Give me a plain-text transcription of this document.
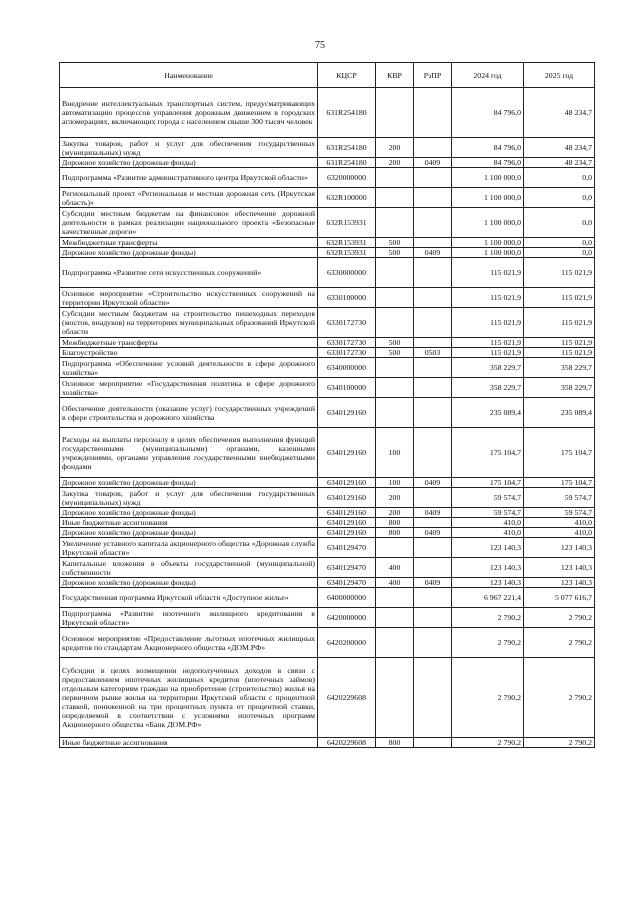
75
Наименование	КЦСР	КВР	РзПР	2024 год	2025 год
Внедрение интеллектуальных транспортных систем, предусматривающих автоматизацию процессов управления дорожным движением в городских агломерациях, включающих города с населением свыше 300 тысяч человек	631R254180			84 796,0	48 234,7
Закупка товаров, работ и услуг для обеспечения государственных (муниципальных) нужд	631R254180	200		84 796,0	48 234,7
Дорожное хозяйство (дорожные фонды)	631R254180	200	0409	84 796,0	48 234,7
Подпрограмма «Развитие административного центра Иркутской области»	6320000000			1 100 000,0	0,0
Региональный проект «Региональная и местная дорожная сеть (Иркутская область)»	632R100000			1 100 000,0	0,0
Субсидии местным бюджетам на финансовое обеспечение дорожной деятельности в рамках реализации национального проекта «Безопасные качественные дороги»	632R153931			1 100 000,0	0,0
Межбюджетные трансферты	632R153931	500		1 100 000,0	0,0
Дорожное хозяйство (дорожные фонды)	632R153931	500	0409	1 100 000,0	0,0
Подпрограмма «Развитие сети искусственных сооружений»	6330000000			115 021,9	115 021,9
Основное мероприятие «Строительство искусственных сооружений на территории Иркутской области»	6330100000			115 021,9	115 021,9
Субсидии местным бюджетам на строительство пешеходных переходов (мостов, виадуков) на территориях муниципальных образований Иркутской области	6330172730			115 021,9	115 021,9
Межбюджетные трансферты	6330172730	500		115 021,9	115 021,9
Благоустройство	6330172730	500	0503	115 021,9	115 021,9
Подпрограмма «Обеспечение условий деятельности в сфере дорожного хозяйства»	6340000000			358 229,7	358 229,7
Основное мероприятие «Государственная политика в сфере дорожного хозяйства»	6340100000			358 229,7	358 229,7
Обеспечение деятельности (оказание услуг) государственных учреждений в сфере строительства и дорожного хозяйства	6340129160			235 089,4	235 089,4
Расходы на выплаты персоналу в целях обеспечения выполнения функций государственными (муниципальными) органами, казенными учреждениями, органами управления государственными внебюджетными фондами	6340129160	100		175 104,7	175 104,7
Дорожное хозяйство (дорожные фонды)	6340129160	100	0409	175 104,7	175 104,7
Закупка товаров, работ и услуг для обеспечения государственных (муниципальных) нужд	6340129160	200		59 574,7	59 574,7
Дорожное хозяйство (дорожные фонды)	6340129160	200	0409	59 574,7	59 574,7
Иные бюджетные ассигнования	6340129160	800		410,0	410,0
Дорожное хозяйство (дорожные фонды)	6340129160	800	0409	410,0	410,0
Увеличение уставного капитала акционерного общества «Дорожная служба Иркутской области»	6340129470			123 140,3	123 140,3
Капитальные вложения в объекты государственной (муниципальной) собственности	6340129470	400		123 140,3	123 140,3
Дорожное хозяйство (дорожные фонды)	6340129470	400	0409	123 140,3	123 140,3
Государственная программа Иркутской области «Доступное жилье»	6400000000			6 967 221,4	5 077 616,7
Подпрограмма «Развитие ипотечного жилищного кредитования в Иркутской области»	6420000000			2 790,2	2 790,2
Основное мероприятие «Предоставление льготных ипотечных жилищных кредитов по стандартам Акционерного общества «ДОМ.РФ»	6420200000			2 790,2	2 790,2
Субсидии в целях возмещения недополученных доходов в связи с предоставлением ипотечных жилищных кредитов (ипотечных займов) отдельным категориям граждан на приобретение (строительство) жилья на первичном рынке жилья на территории Иркутской области с процентной ставкой, пониженной на три процентных пункта от процентной ставки, определяемой в соответствии с условиями ипотечных программ Акционерного общества «Банк ДОМ.РФ»	6420229608			2 790,2	2 790,2
Иные бюджетные ассигнования	6420229608	800		2 790,2	2 790,2
